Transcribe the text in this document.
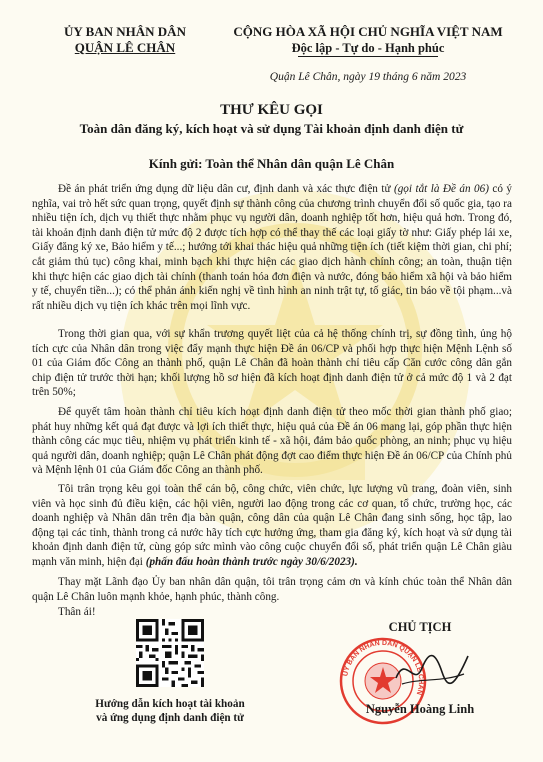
ỦY BAN NHÂN DÂN
QUẬN LÊ CHÂN
CỘNG HÒA XÃ HỘI CHỦ NGHĨA VIỆT NAM
Độc lập - Tự do - Hạnh phúc
Quận Lê Chân, ngày 19 tháng 6 năm 2023
THƯ KÊU GỌI
Toàn dân đăng ký, kích hoạt và sử dụng Tài khoản định danh điện tử
Kính gửi: Toàn thể Nhân dân quận Lê Chân
Đề án phát triển ứng dụng dữ liệu dân cư, định danh và xác thực điện tử (gọi tắt là Đề án 06) có ý nghĩa, vai trò hết sức quan trọng, quyết định sự thành công của chương trình chuyển đổi số quốc gia, tạo ra nhiều tiện ích, dịch vụ thiết thực nhằm phục vụ người dân, doanh nghiệp tốt hơn, hiệu quả hơn. Trong đó, tài khoản định danh điện tử mức độ 2 được tích hợp có thể thay thế các loại giấy tờ như: Giấy phép lái xe, Giấy đăng ký xe, Bảo hiểm y tế...; hướng tới khai thác hiệu quả những tiện ích (tiết kiệm thời gian, chi phí; cắt giảm thủ tục) công khai, minh bạch khi thực hiện các giao dịch hành chính công; an toàn, thuận tiện khi thực hiện các giao dịch tài chính (thanh toán hóa đơn điện và nước, đóng bảo hiểm xã hội và bảo hiểm y tế, chuyển tiền...); có thể phản ánh kiến nghị về tình hình an ninh trật tự, tố giác, tin báo về tội phạm...và rất nhiều dịch vụ tiện ích khác trên mọi lĩnh vực.
Trong thời gian qua, với sự khẩn trương quyết liệt của cả hệ thống chính trị, sự đồng tình, ủng hộ tích cực của Nhân dân trong việc đẩy mạnh thực hiện Đề án 06/CP và phối hợp thực hiện Mệnh Lệnh số 01 của Giám đốc Công an thành phố, quận Lê Chân đã hoàn thành chỉ tiêu cấp Căn cước công dân gắn chip điện tử trước thời hạn; khối lượng hồ sơ hiện đã kích hoạt định danh điện tử ở cả mức độ 1 và 2 đạt trên 50%;
Để quyết tâm hoàn thành chỉ tiêu kích hoạt định danh điện tử theo mốc thời gian thành phố giao; phát huy những kết quả đạt được và lợi ích thiết thực, hiệu quả của Đề án 06 mang lại, góp phần thực hiện thành công các mục tiêu, nhiệm vụ phát triển kinh tế - xã hội, đảm bảo quốc phòng, an ninh; phục vụ hiệu quả người dân, doanh nghiệp; quận Lê Chân phát động đợt cao điểm thực hiện Đề án 06/CP của Chính phủ và Mệnh lệnh 01 của Giám đốc Công an thành phố.
Tôi trân trọng kêu gọi toàn thể cán bộ, công chức, viên chức, lực lượng vũ trang, đoàn viên, sinh viên và học sinh đủ điều kiện, các hội viên, người lao động trong các cơ quan, tổ chức, trường học, các doanh nghiệp và Nhân dân trên địa bàn quận, công dân của quận Lê Chân đang sinh sống, học tập, lao động tại các tỉnh, thành trong cả nước hãy tích cực hưởng ứng, tham gia đăng ký, kích hoạt và sử dụng tài khoản định danh điện tử, cùng góp sức mình vào công cuộc chuyển đổi số, phát triển quận Lê Chân giàu mạnh văn minh, hiện đại (phấn đấu hoàn thành trước ngày 30/6/2023).
Thay mặt Lãnh đạo Ủy ban nhân dân quận, tôi trân trọng cảm ơn và kính chúc toàn thể Nhân dân quận Lê Chân luôn mạnh khỏe, hạnh phúc, thành công.
Thân ái!
Hướng dẫn kích hoạt tài khoản
và ứng dụng định danh điện tử
CHỦ TỊCH
ỦY BAN NHÂN DÂN QUẬN LÊ CHÂN
Nguyễn Hoàng Linh
